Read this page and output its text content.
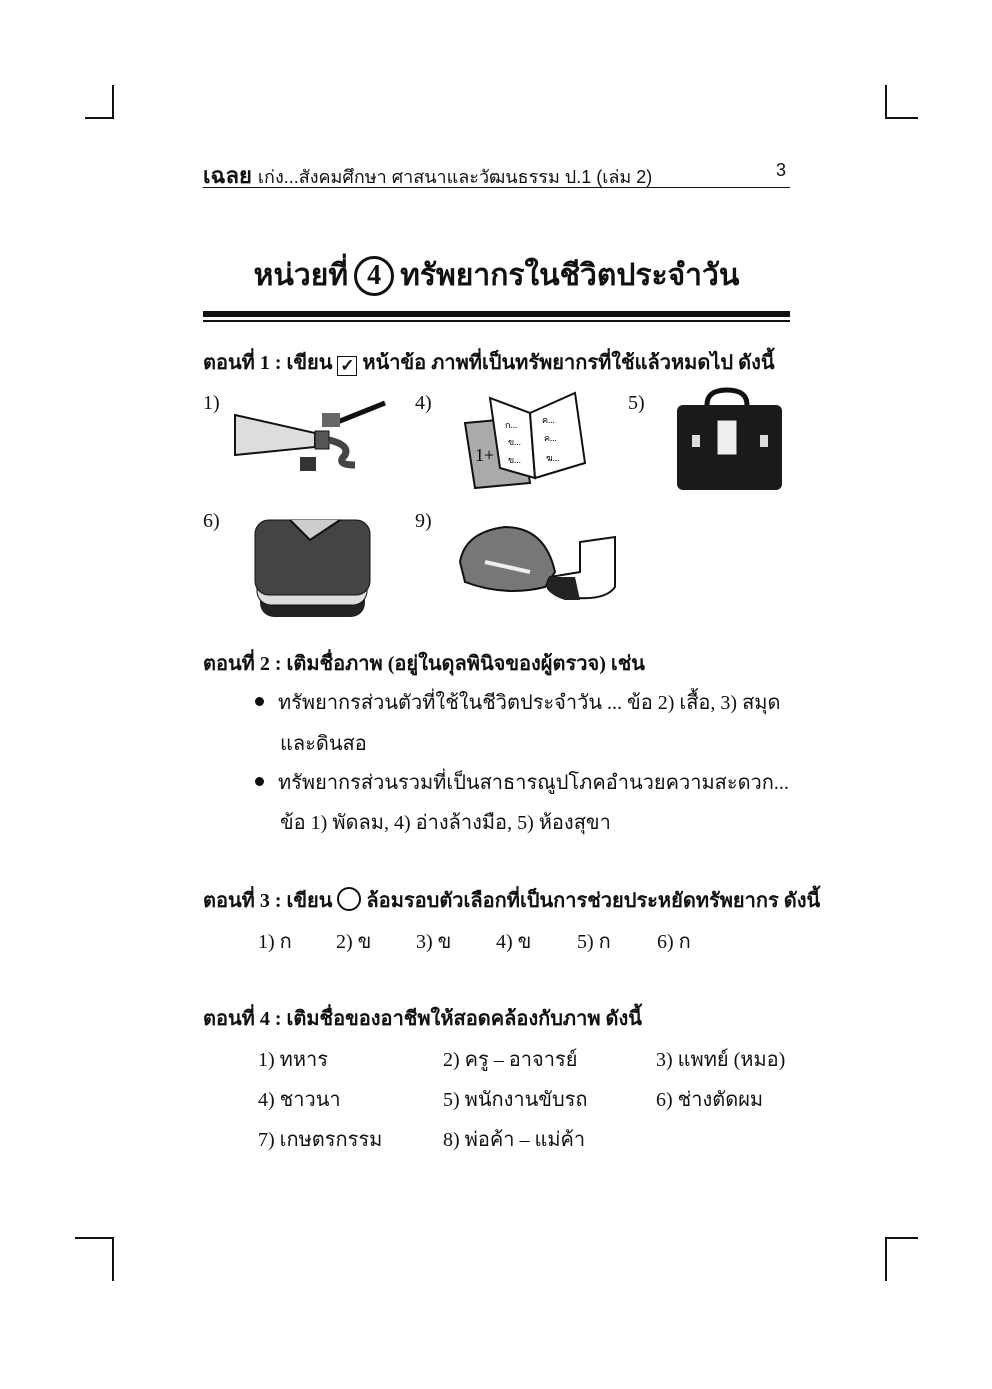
เฉลย เก่ง...สังคมศึกษา ศาสนาและวัฒนธรรม ป.1 (เล่ม 2)	3
หน่วยที่ 4 ทรัพยากรในชีวิตประจำวัน
ตอนที่ 1 : เขียน ✓ หน้าข้อ ภาพที่เป็นทรัพยากรที่ใช้แล้วหมดไป ดังนี้
1)	4)	5)
6)	9)
1+
ก...
ข...
ค...
ค...
ข...	ฆ...
ตอนที่ 2 : เติมชื่อภาพ (อยู่ในดุลพินิจของผู้ตรวจ) เช่น
ทรัพยากรส่วนตัวที่ใช้ในชีวิตประจำวัน ... ข้อ 2) เสื้อ, 3) สมุด
และดินสอ
ทรัพยากรส่วนรวมที่เป็นสาธารณูปโภคอำนวยความสะดวก...
ข้อ 1) พัดลม, 4) อ่างล้างมือ, 5) ห้องสุขา
ตอนที่ 3 : เขียน ล้อมรอบตัวเลือกที่เป็นการช่วยประหยัดทรัพยากร ดังนี้
1) ก 2) ข 3) ข 4) ข 5) ก 6) ก
ตอนที่ 4 : เติมชื่อของอาชีพให้สอดคล้องกับภาพ ดังนี้
1) ทหาร	2) ครู – อาจารย์	3) แพทย์ (หมอ)
4) ชาวนา	5) พนักงานขับรถ	6) ช่างตัดผม
7) เกษตรกรรม	8) พ่อค้า – แม่ค้า
